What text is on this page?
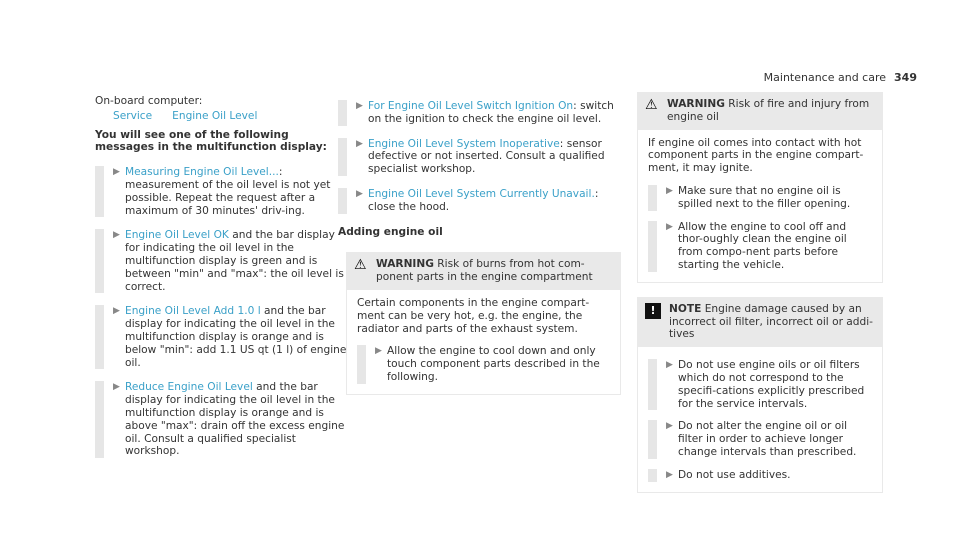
Maintenance and care 349
On-board computer:
Service Engine Oil Level
You will see one of the following messages in the multifunction display:
▶ Measuring Engine Oil Level...: measurement of the oil level is not yet possible. Repeat the request after a maximum of 30 minutes' driv-ing.
▶ Engine Oil Level OK and the bar display for indicating the oil level in the multifunction display is green and is between "min" and "max": the oil level is correct.
▶ Engine Oil Level Add 1.0 l and the bar display for indicating the oil level in the multifunction display is orange and is below "min": add 1.1 US qt (1 l) of engine oil.
▶ Reduce Engine Oil Level and the bar display for indicating the oil level in the multifunction display is orange and is above "max": drain off the excess engine oil. Consult a qualified specialist workshop.
▶ For Engine Oil Level Switch Ignition On: switch on the ignition to check the engine oil level.
▶ Engine Oil Level System Inoperative: sensor defective or not inserted. Consult a qualified specialist workshop.
▶ Engine Oil Level System Currently Unavail.: close the hood.
Adding engine oil
⚠ WARNING Risk of burns from hot com-ponent parts in the engine compartment
Certain components in the engine compart-ment can be very hot, e.g. the engine, the radiator and parts of the exhaust system.
▶ Allow the engine to cool down and only touch component parts described in the following.
⚠ WARNING Risk of fire and injury from engine oil
If engine oil comes into contact with hot component parts in the engine compart-ment, it may ignite.
▶ Make sure that no engine oil is spilled next to the filler opening.
▶ Allow the engine to cool off and thor-oughly clean the engine oil from compo-nent parts before starting the vehicle.
!	NOTE Engine damage caused by an incorrect oil filter, incorrect oil or addi-tives
▶ Do not use engine oils or oil filters which do not correspond to the specifi-cations explicitly prescribed for the service intervals.
▶ Do not alter the engine oil or oil filter in order to achieve longer change intervals than prescribed.
▶ Do not use additives.
